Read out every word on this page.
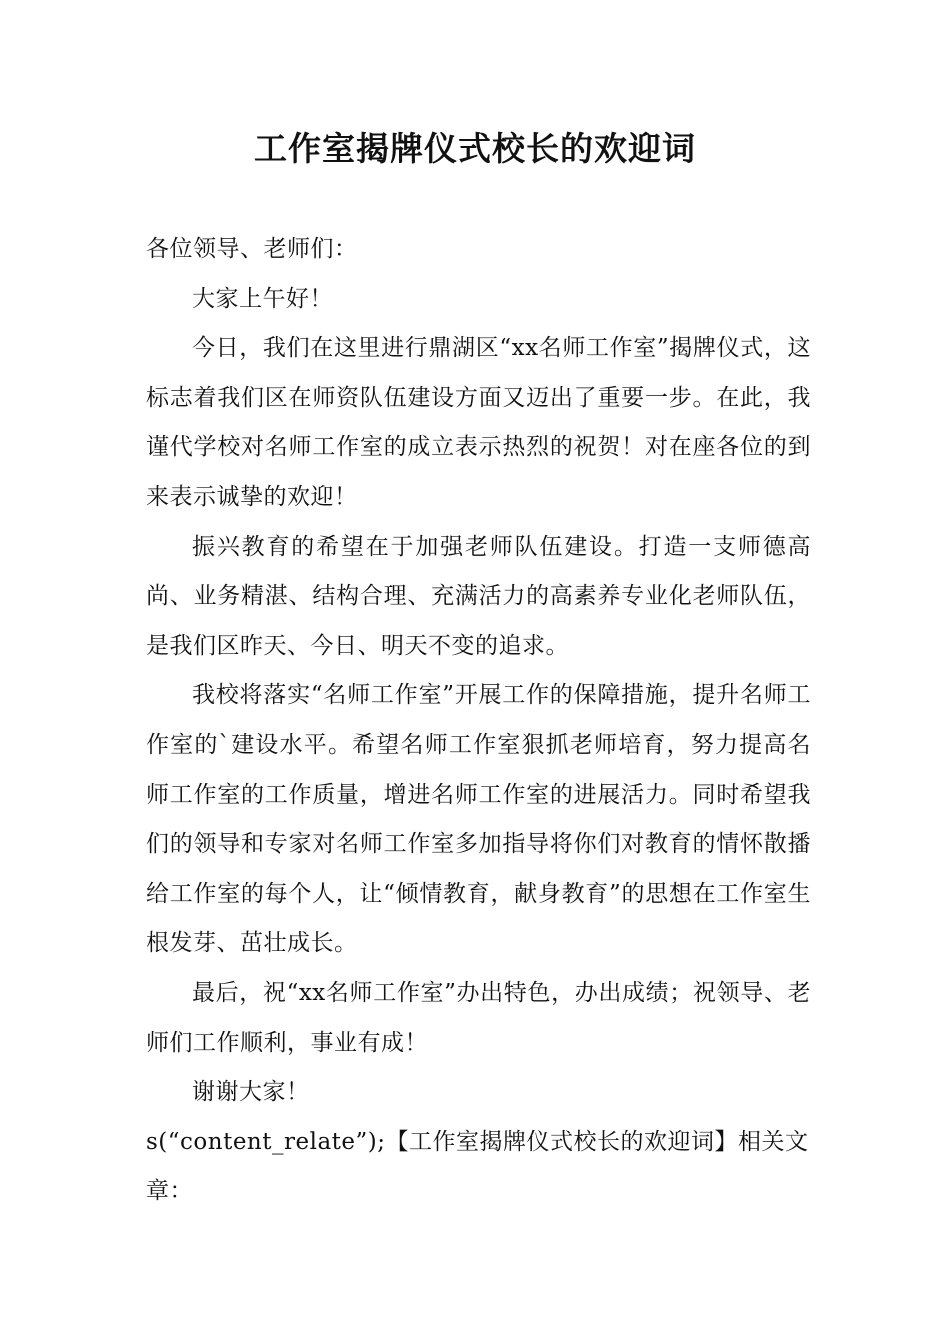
工作室揭牌仪式校长的欢迎词

各位领导、老师们：

大家上午好！

今日，我们在这里进行鼎湖区“xx名师工作室”揭牌仪式，这标志着我们区在师资队伍建设方面又迈出了重要一步。在此，我谨代学校对名师工作室的成立表示热烈的祝贺！对在座各位的到来表示诚挚的欢迎！

振兴教育的希望在于加强老师队伍建设。打造一支师德高尚、业务精湛、结构合理、充满活力的高素养专业化老师队伍，是我们区昨天、今日、明天不变的追求。

我校将落实“名师工作室”开展工作的保障措施，提升名师工作室的`建设水平。希望名师工作室狠抓老师培育，努力提高名师工作室的工作质量，增进名师工作室的进展活力。同时希望我们的领导和专家对名师工作室多加指导将你们对教育的情怀散播给工作室的每个人，让“倾情教育，献身教育”的思想在工作室生根发芽、茁壮成长。

最后，祝“xx名师工作室”办出特色，办出成绩；祝领导、老师们工作顺利，事业有成！

谢谢大家！

s(“content_relate”);【工作室揭牌仪式校长的欢迎词】相关文章：
